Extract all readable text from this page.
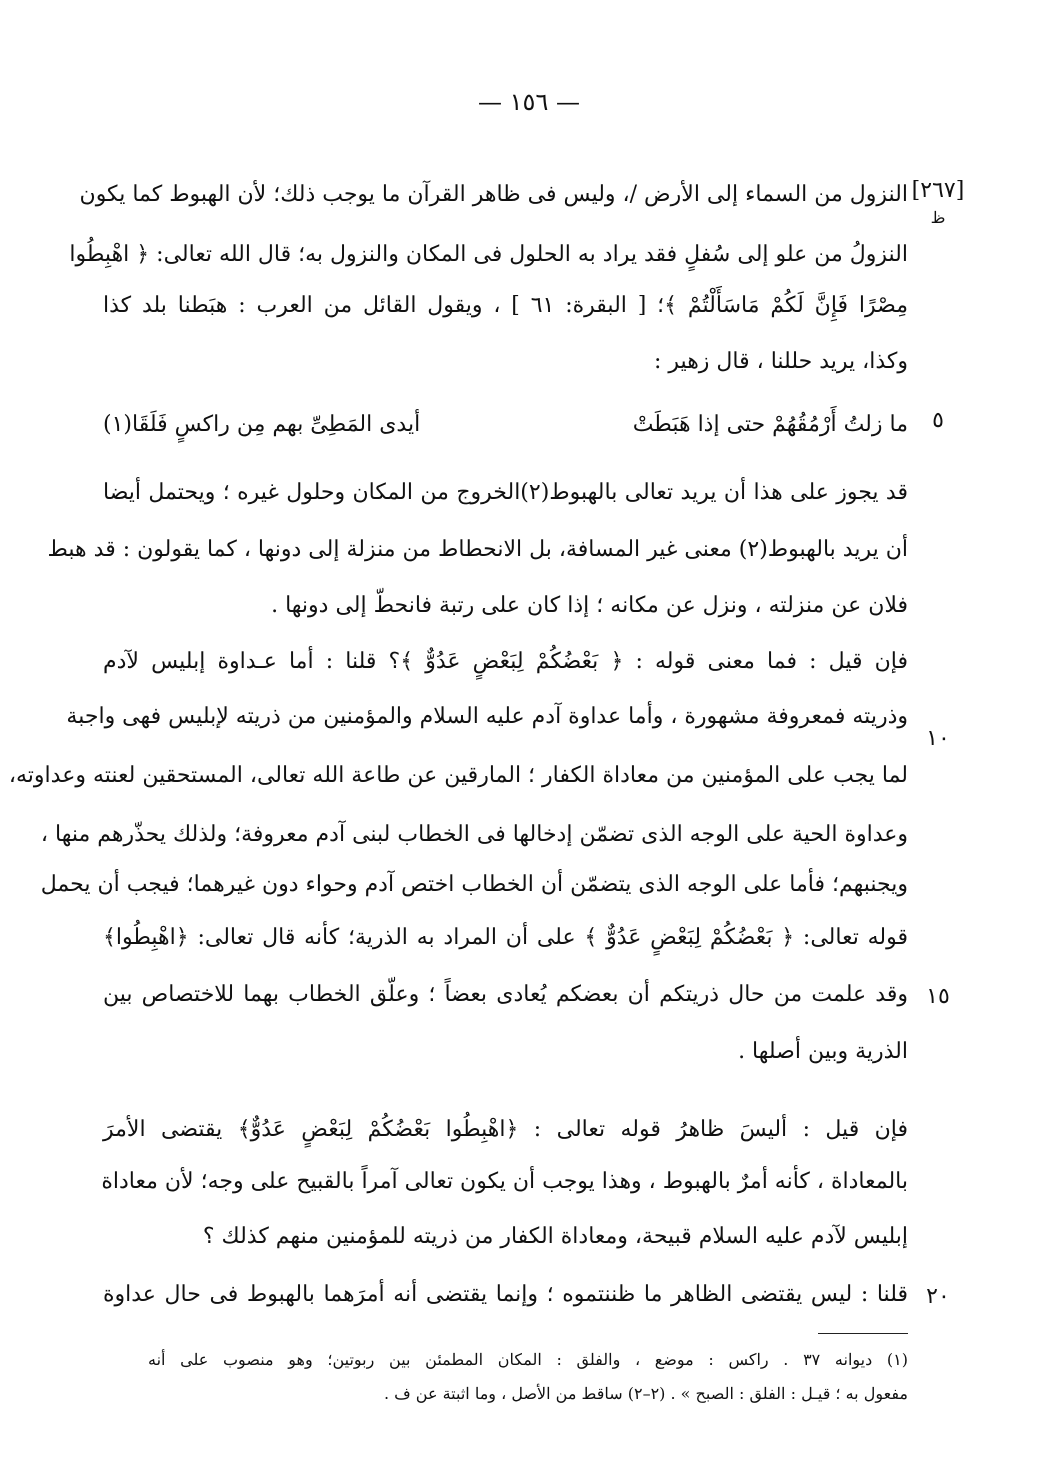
— ١٥٦ —
[٢٦٧]
ظ
٥
١٠
١٥
٢٠
النزول من السماء إلى الأرض /، وليس فى ظاهر القرآن ما يوجب ذلك؛ لأن الهبوط كما يكون
النزولُ من علو إلى سُفلٍ فقد يراد به الحلول فى المكان والنزول به؛ قال الله تعالى: ﴿ اهْبِطُوا
مِصْرًا فَإِنَّ لَكُمْ مَاسَأَلْتُمْ ﴾؛ [ البقرة: ٦١ ] ، ويقول القائل من العرب : هبَطنا بلد كذا
وكذا، يريد حللنا ، قال زهير :
ما زلتُ أَرْمُقُهُمْ حتى إذا هَبَطَتْ
أيدى المَطِىِّ بهم مِن راكسٍ فَلَقَا(١)
قد يجوز على هذا أن يريد تعالى بالهبوط(٢)الخروج من المكان وحلول غيره ؛ ويحتمل أيضا
أن يريد بالهبوط(٢) معنى غير المسافة، بل الانحطاط من منزلة إلى دونها ، كما يقولون : قد هبط
فلان عن منزلته ، ونزل عن مكانه ؛ إذا كان على رتبة فانحطّ إلى دونها .
فإن قيل : فما معنى قوله : ﴿ بَعْضُكُمْ لِبَعْضٍ عَدُوٌّ ﴾؟ قلنا : أما عـداوة إبليس لآدم
وذريته فمعروفة مشهورة ، وأما عداوة آدم عليه السلام والمؤمنين من ذريته لإبليس فهى واجبة
لما يجب على المؤمنين من معاداة الكفار ؛ المارقين عن طاعة الله تعالى، المستحقين لعنته وعداوته،
وعداوة الحية على الوجه الذى تضمّن إدخالها فى الخطاب لبنى آدم معروفة؛ ولذلك يحذّرهم منها ،
ويجنبهم؛ فأما على الوجه الذى يتضمّن أن الخطاب اختص آدم وحواء دون غيرهما؛ فيجب أن يحمل
قوله تعالى: ﴿ بَعْضُكُمْ لِبَعْضٍ عَدُوٌّ ﴾ على أن المراد به الذرية؛ كأنه قال تعالى: ﴿اهْبِطُوا﴾
وقد علمت من حال ذريتكم أن بعضكم يُعادى بعضاً ؛ وعلّق الخطاب بهما للاختصاص بين
الذرية وبين أصلها .
فإن قيل : أليسَ ظاهرُ قوله تعالى : ﴿اهْبِطُوا بَعْضُكُمْ لِبَعْضٍ عَدُوٌّ﴾ يقتضى الأمرَ
بالمعاداة ، كأنه أمرٌ بالهبوط ، وهذا يوجب أن يكون تعالى آمراً بالقبيح على وجه؛ لأن معاداة
إبليس لآدم عليه السلام قبيحة، ومعاداة الكفار من ذريته للمؤمنين منهم كذلك ؟
قلنا : ليس يقتضى الظاهر ما ظننتموه ؛ وإنما يقتضى أنه أمرَهما بالهبوط فى حال عداوة
(١) ديوانه ٣٧ . راكس : موضع ، والفلق : المكان المطمئن بين ربوتين؛ وهو منصوب على أنه
مفعول به ؛ قيـل : الفلق : الصبح » . (٢–٢) ساقط من الأصل ، وما اثبتة عن ف .
